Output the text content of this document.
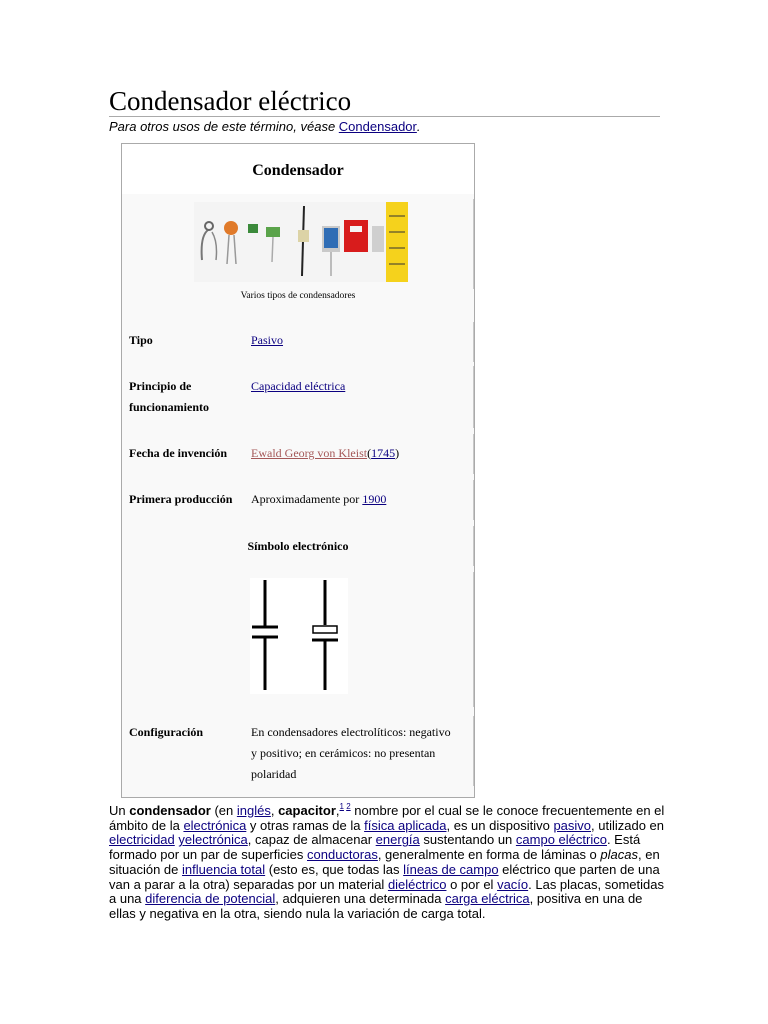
Condensador eléctrico
Para otros usos de este término, véase Condensador.
Condensador
Varios tipos de condensadores
Tipo	Pasivo
Principio de
funcionamiento
Capacidad eléctrica
Fecha de invención Ewald Georg von Kleist(1745)
Primera producción Aproximadamente por 1900
Símbolo electrónico
Configuración	En condensadores electrolíticos: negativo
y positivo; en cerámicos: no presentan
polaridad
Un condensador (en inglés, capacitor,$^{1 2}$ nombre por el cual se le conoce frecuentemente en el ámbito de la electrónica y otras ramas de la física aplicada, es un dispositivo pasivo, utilizado en electricidad yelectrónica, capaz de almacenar energía sustentando un campo eléctrico. Está formado por un par de superficies conductoras, generalmente en forma de láminas o placas, en situación de influencia total (esto es, que todas las líneas de campo eléctrico que parten de una van a parar a la otra) separadas por un material dieléctrico o por el vacío. Las placas, sometidas a una diferencia de potencial, adquieren una determinada carga eléctrica, positiva en una de ellas y negativa en la otra, siendo nula la variación de carga total.
